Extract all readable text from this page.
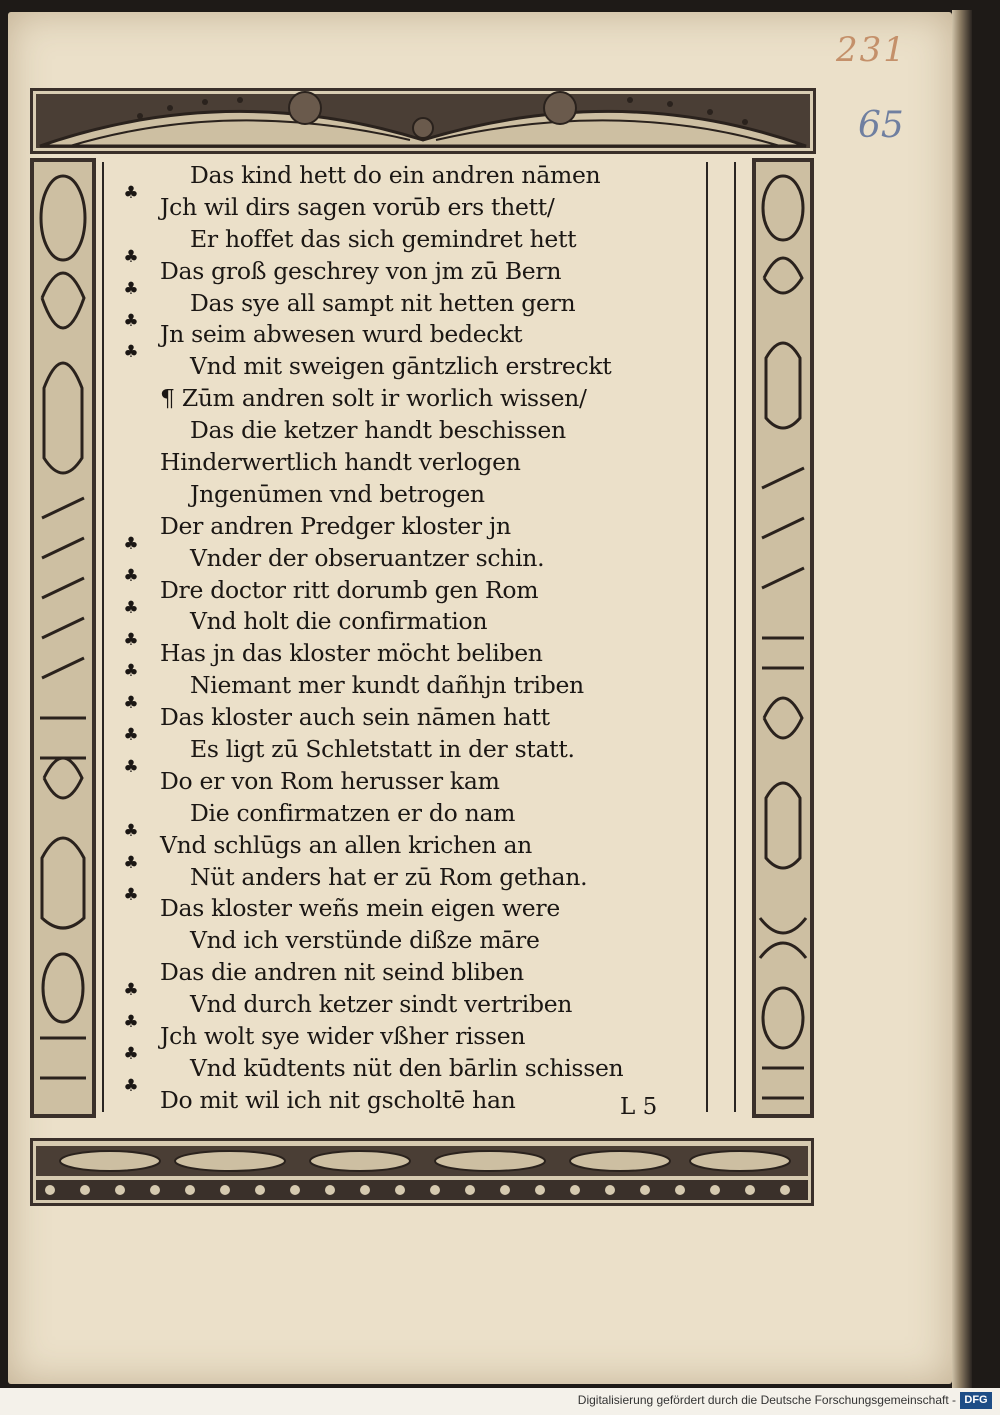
231
65
♣
♣
♣
♣
♣
♣
♣
♣
♣
♣
♣
♣
♣
♣
♣
♣
♣
♣
♣
♣
Das kind hett do ein andren nāmen
Jch wil dirs sagen vorūb ers thett/
Er hoffet das sich gemindret hett
Das groß geschrey von jm zū Bern
Das sye all sampt nit hetten gern
Jn seim abwesen wurd bedeckt
Vnd mit sweigen gāntzlich erstreckt
¶ Zūm andren solt ir worlich wissen/
Das die ketzer handt beschissen
Hinderwertlich handt verlogen
Jngenūmen vnd betrogen
Der andren Predger kloster jn
Vnder der obseruantzer schin.
Dre doctor ritt dorumb gen Rom
Vnd holt die confirmation
Has jn das kloster möcht beliben
Niemant mer kundt dañhjn triben
Das kloster auch sein nāmen hatt
Es ligt zū Schletstatt in der statt.
Do er von Rom herusser kam
Die confirmatzen er do nam
Vnd schlūgs an allen krichen an
Nüt anders hat er zū Rom gethan.
Das kloster weñs mein eigen were
Vnd ich verstünde dißze māre
Das die andren nit seind bliben
Vnd durch ketzer sindt vertriben
Jch wolt sye wider vßher rissen
Vnd kūdtents nüt den bārlin schissen
Do mit wil ich nit gscholtē han	L 5
Digitalisierung gefördert durch die Deutsche Forschungsgemeinschaft - DFG
